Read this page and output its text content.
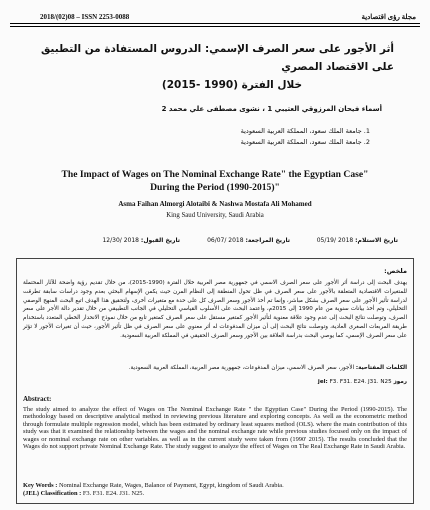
2018/(02)08 – ISSN 2253-0088	مجلة رؤى اقتصادية
أثر الأجور على سعر الصرف الإسمي: الدروس المستفادة من التطبيق على الاقتصاد المصري
خلال الفترة (1990 -2015)
أسماء فيحان المرزوقي العتيبي 1 ، نشوى مصطفى علي محمد 2
1. جامعة الملك سعود، المملكة العربية السعودية
2. جامعة الملك سعود، المملكة العربية السعودية
The Impact of Wages on The Nominal Exchange Rate" the Egyptian Case"
During the Period (1990-2015)"
Asma Faihan Almorgi Alotaibi & Nashwa Mostafa Ali Mohamed
King Saud University, Saudi Arabia
تاريخ الاستلام: 2018 /05/19
تاريخ المراجعة: 2018 /06/07
تاريخ القبول: 2018 /12/30
ملخص:
يهدف البحث إلى دراسة أثر الأجور على سعر الصرف الاسمي في جمهورية مصر العربية خلال الفترة (1990-2015)، من خلال تقديم رؤية واضحة للآثار المحتملة للمتغيرات الاقتصادية المتعلقة بالأجور على سعر الصرف في ظل تحول المنطقة إلى النظام المرن حيث يكمن الإسهام البحثي بعدم وجود دراسات سابقة تطرقت لدراسة تأثير الأجور على سعر الصرف بشكل مباشر، وإنما تم أخذ الأجور وسعر الصرف كل على حدة مع متغيرات أخرى، ولتحقيق هذا الهدف اتبع البحث المنهج الوصفي التحليلي، وتم أخذ بيانات سنوية من عام 1990 إلى 2015م، واعتمد البحث على الأسلوب القياسي التحليلي في الجانب التطبيقي من خلال تقدير دالة الأجر على سعر الصرف، وتوصلت نتائج البحث إلى عدم وجود علاقة معنوية لتأثير الأجور كمتغير مستقل على سعر الصرف كمتغير تابع من خلال نموذج الانحدار الخطي المتعدد باستخدام طريقة المربعات الصغرى العادية، وتوصلت نتائج البحث إلى أن ميزان المدفوعات له أثر معنوي على سعر الصرف في ظل تأثير الأجور، حيث أن تغيرات الأجور لا تؤثر على سعر الصرف الإسمي، كما يوصي البحث بدراسة العلاقة بين الأجور وسعر الصرف الحقيقي في المملكة العربية السعودية.
الكلمات المفتاحية: الأجور، سعر الصرف الاسمي، ميزان المدفوعات، جمهورية مصر العربية، المملكة العربية السعودية.
رموز jel: F3. F31. E24. J31. N25
Abstract:
The study aimed to analyze the effect of Wages on The Nominal Exchange Rate " the Egyptian Case" During the Period (1990-2015). The methodology based on descriptive analytical method in reviewing previous literature and exploring concepts. As well as the econometric method through formulate multiple regression model, which has been estimated by ordinary least squares method (OLS). where the main contribution of this study was that it examined the relationship between the wages and the nominal exchange rate while previous studies focused only on the impact of wages or nominal exchange rate on other variables. as well as in the current study were taken from (1990' 2015). The results concluded that the Wages do not support private Nominal Exchange Rate. The study suggest to analyze the effect of Wages on The Real Exchange Rate in Saudi Arabia.
Key Words : Nominal Exchange Rate, Wages, Balance of Payment, Egypt, kingdom of Saudi Arabia.
(JEL) Classification : F3. F31. E24. J31. N25.
